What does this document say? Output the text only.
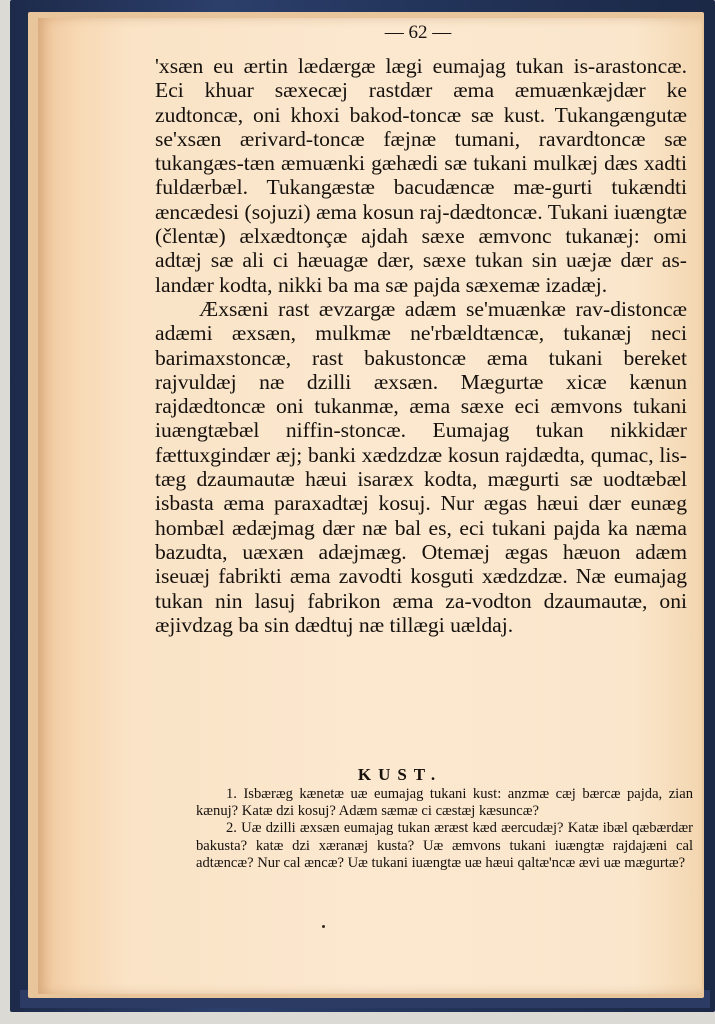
— 62 —

'xsæn eu ærtin lædærgæ lægi eumajag tukan is-arastoncæ. Eci khuar sæxecæj rastdær æma æmuænkæjdær ke zudtoncæ, oni khoxi bakod-toncæ sæ kust. Tukangængutæ se'xsæn ærivard-toncæ fæjnæ tumani, ravardtoncæ sæ tukangæs-tæn æmuænki gæhædi sæ tukani mulkæj dæs xadti fuldærbæl. Tukangæstæ bacudæncæ mæ-gurti tukændti æncædesi (sojuzi) æma kosun raj-dædtoncæ. Tukani iuængtæ (člentæ) ælxædtonçæ ajdah sæxe æmvonc tukanæj: omi adtæj sæ ali ci hæuagæ dær, sæxe tukan sin uæjæ dær as-landær kodta, nikki ba ma sæ pajda sæxemæ izadæj.

Æxsæni rast ævzargæ adæm se'muænkæ rav-distoncæ adæmi æxsæn, mulkmæ ne'rbældtæncæ, tukanæj neci barimaxstoncæ, rast bakustoncæ æma tukani bereket rajvuldæj næ dzilli æxsæn. Mægurtæ xicæ kænun rajdædtoncæ oni tukanmæ, æma sæxe eci æmvons tukani iuængtæbæl niffin-stoncæ. Eumajag tukan nikkidær fættuxgindær æj; banki xædzdzæ kosun rajdædta, qumac, lis-tæg dzaumautæ hæui isaræx kodta, mægurti sæ uodtæbæl isbasta æma paraxadtæj kosuj. Nur ægas hæui dær eunæg hombæl ædæjmag dær næ bal es, eci tukani pajda ka næma bazudta, uæxæn adæjmæg. Otemæj ægas hæuon adæm iseuæj fabrikti æma zavodti kosguti xædzdzæ. Næ eumajag tukan nin lasuj fabrikon æma za-vodton dzaumautæ, oni æjivdzag ba sin dædtuj næ tillægi uældaj.

KUST.

1. Isbæræg kænetæ uæ eumajag tukani kust: anzmæ cæj bærcæ pajda, zian kænuj? Katæ dzi kosuj? Adæm sæmæ ci cæstæj kæsuncæ?

2. Uæ dzilli æxsæn eumajag tukan æræst kæd æercudæj? Katæ ibæl qæbærdær bakusta? katæ dzi xæranæj kusta? Uæ æmvons tukani iuængtæ rajdajæni cal adtæncæ? Nur cal æncæ? Uæ tukani iuængtæ uæ hæui qaltæ'ncæ ævi uæ mægurtæ?
